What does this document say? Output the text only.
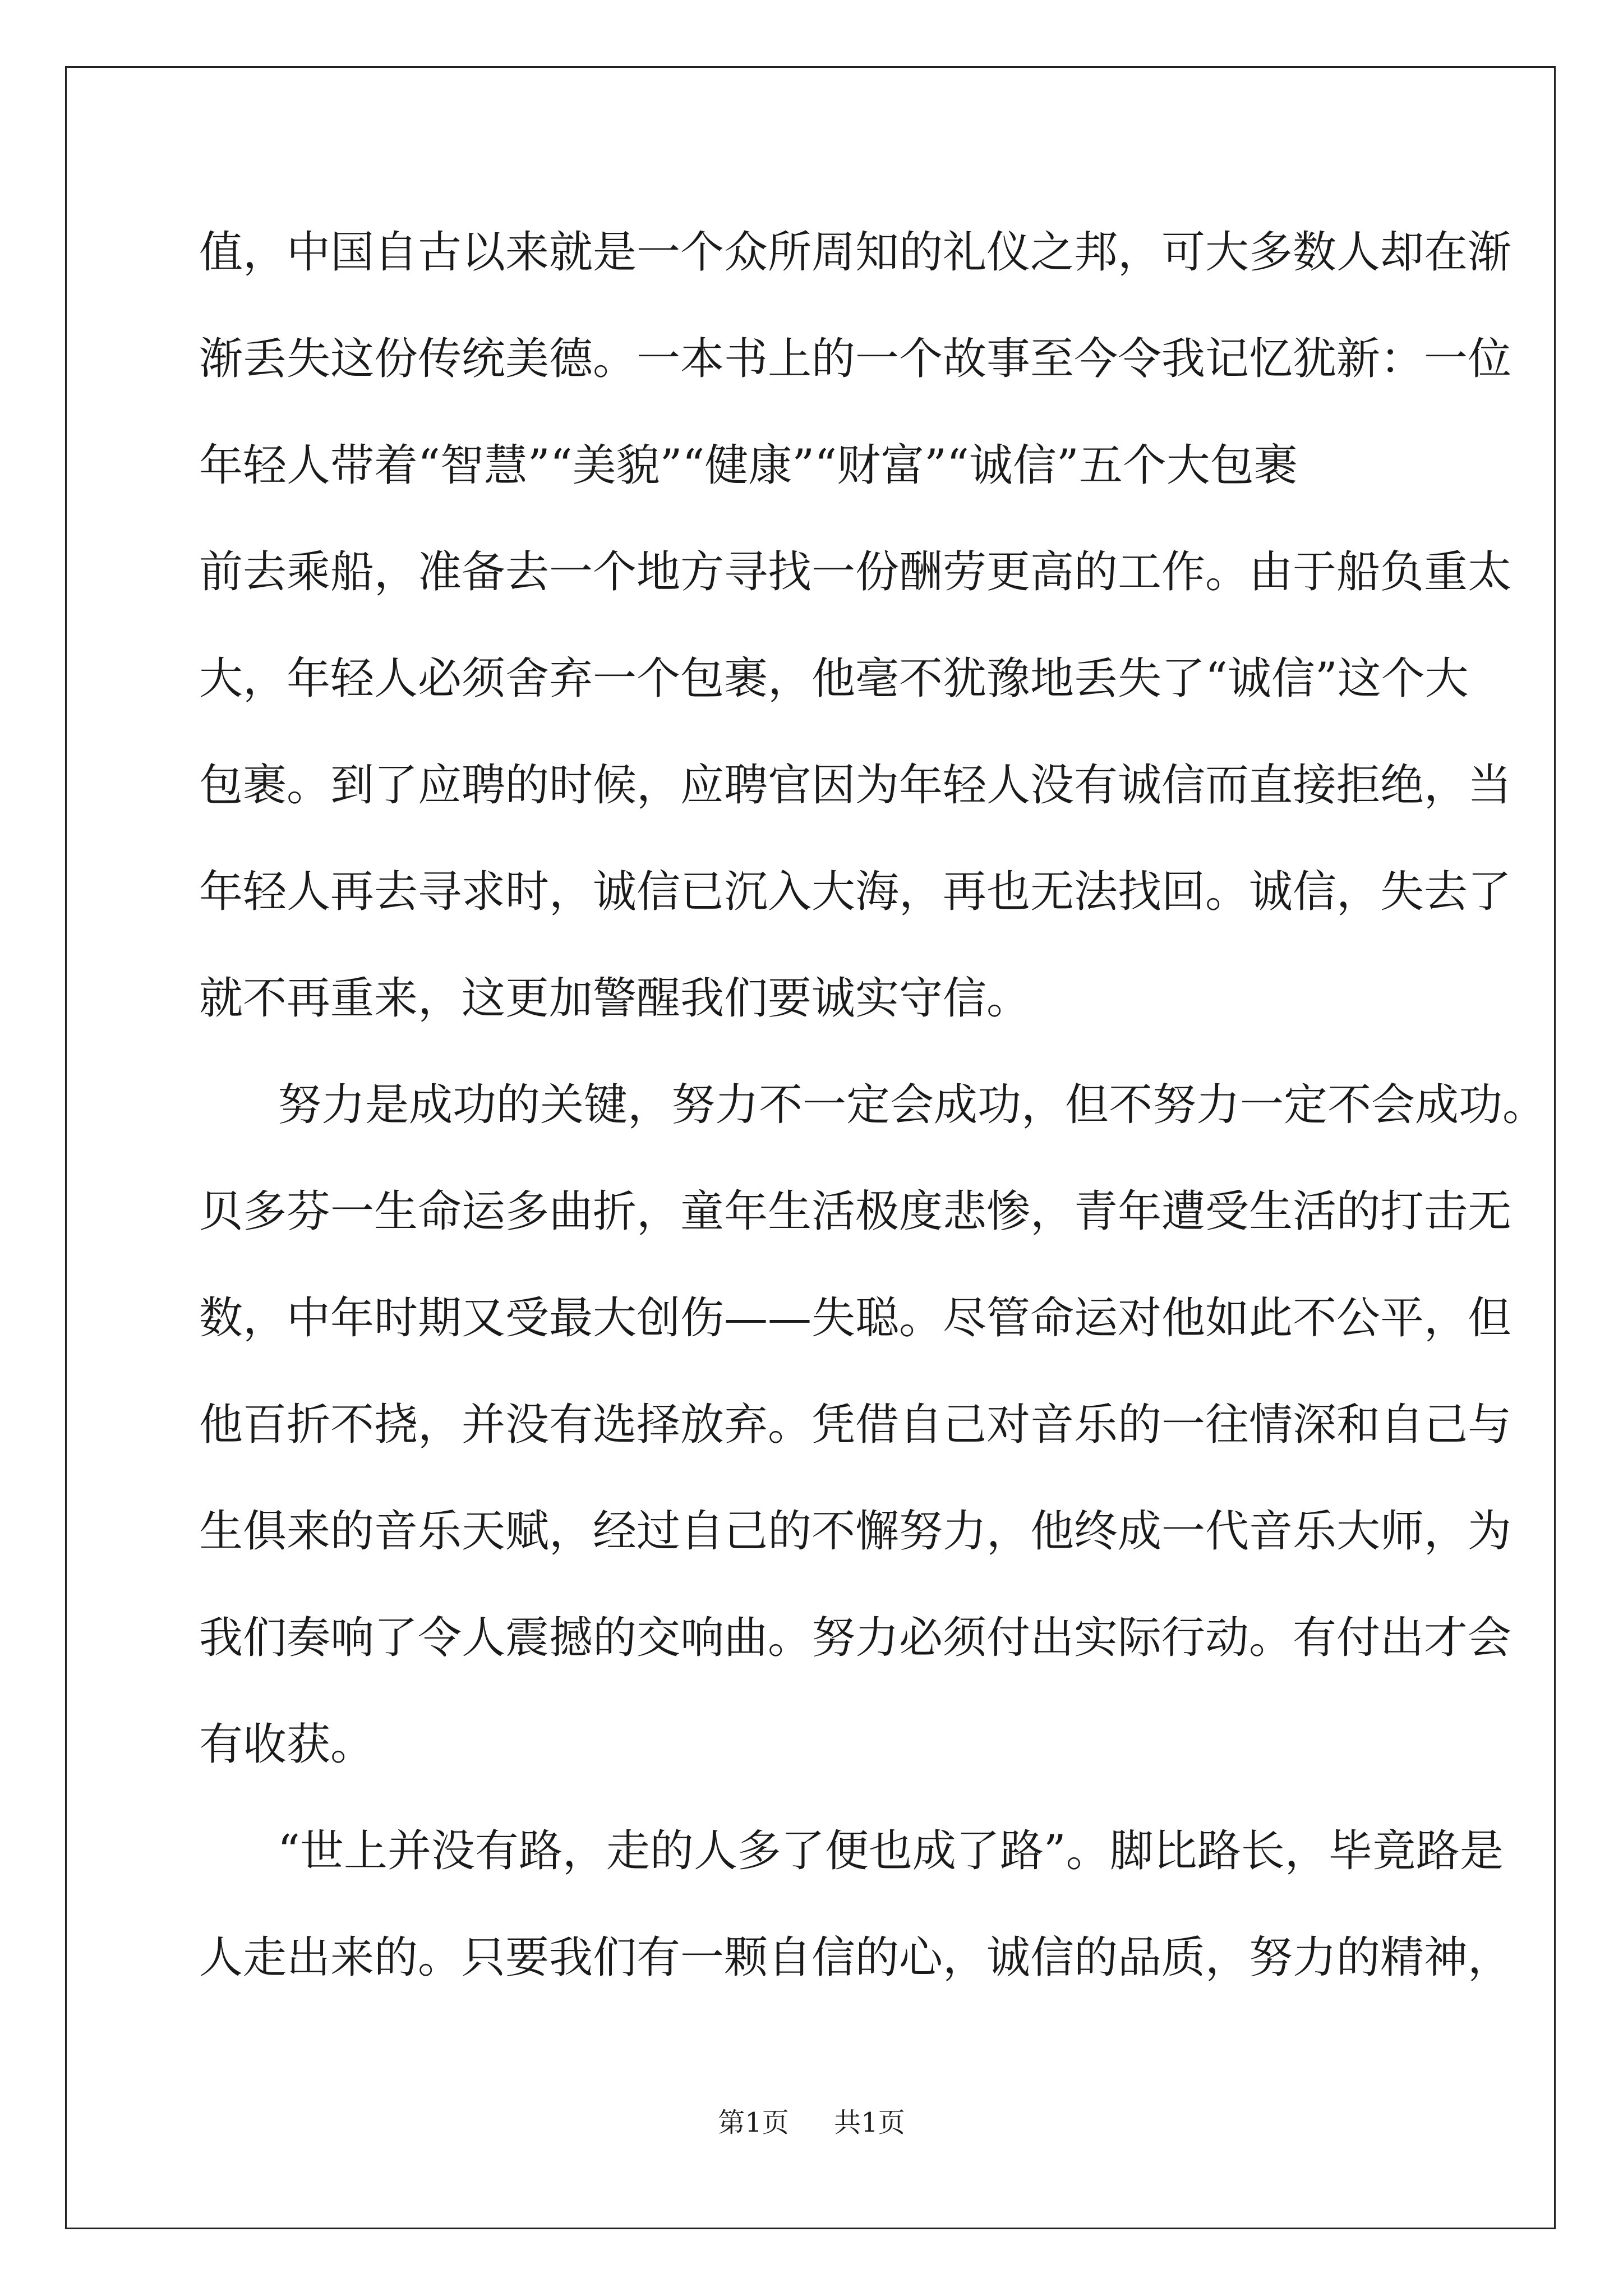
值，中国自古以来就是一个众所周知的礼仪之邦，可大多数人却在渐
渐丢失这份传统美德。一本书上的一个故事至今令我记忆犹新：一位
年轻人带着“智慧”“美貌”“健康”“财富”“诚信”五个大包裹
前去乘船，准备去一个地方寻找一份酬劳更高的工作。由于船负重太
大，年轻人必须舍弃一个包裹，他毫不犹豫地丢失了“诚信”这个大
包裹。到了应聘的时候，应聘官因为年轻人没有诚信而直接拒绝，当
年轻人再去寻求时，诚信已沉入大海，再也无法找回。诚信，失去了
就不再重来，这更加警醒我们要诚实守信。
努力是成功的关键，努力不一定会成功，但不努力一定不会成功。
贝多芬一生命运多曲折，童年生活极度悲惨，青年遭受生活的打击无
数，中年时期又受最大创伤——失聪。尽管命运对他如此不公平，但
他百折不挠，并没有选择放弃。凭借自己对音乐的一往情深和自己与
生俱来的音乐天赋，经过自己的不懈努力，他终成一代音乐大师，为
我们奏响了令人震撼的交响曲。努力必须付出实际行动。有付出才会
有收获。
“世上并没有路，走的人多了便也成了路”。脚比路长，毕竟路是
人走出来的。只要我们有一颗自信的心，诚信的品质，努力的精神，
第1页 共1页
